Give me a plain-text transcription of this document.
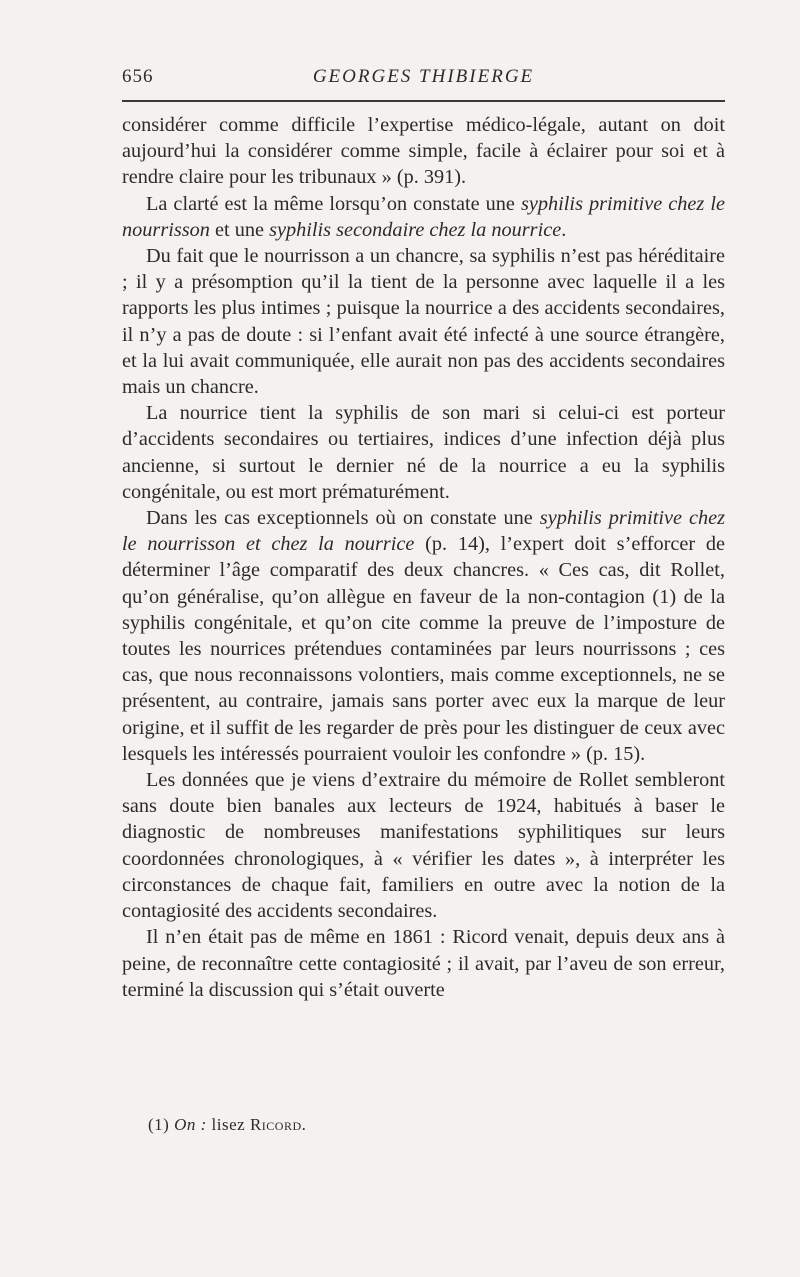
656	GEORGES THIBIERGE

considérer comme difficile l’expertise médico-légale, autant on doit aujourd’hui la considérer comme simple, facile à éclairer pour soi et à rendre claire pour les tribunaux » (p. 391).

La clarté est la même lorsqu’on constate une syphilis primitive chez le nourrisson et une syphilis secondaire chez la nourrice.

Du fait que le nourrisson a un chancre, sa syphilis n’est pas héréditaire ; il y a présomption qu’il la tient de la personne avec laquelle il a les rapports les plus intimes ; puisque la nourrice a des accidents secondaires, il n’y a pas de doute : si l’enfant avait été infecté à une source étrangère, et la lui avait communiquée, elle aurait non pas des accidents secondaires mais un chancre.

La nourrice tient la syphilis de son mari si celui-ci est porteur d’accidents secondaires ou tertiaires, indices d’une infection déjà plus ancienne, si surtout le dernier né de la nourrice a eu la syphilis congénitale, ou est mort prématurément.

Dans les cas exceptionnels où on constate une syphilis primitive chez le nourrisson et chez la nourrice (p. 14), l’expert doit s’efforcer de déterminer l’âge comparatif des deux chancres. « Ces cas, dit Rollet, qu’on généralise, qu’on allègue en faveur de la non-contagion (1) de la syphilis congénitale, et qu’on cite comme la preuve de l’imposture de toutes les nourrices prétendues contaminées par leurs nourrissons ; ces cas, que nous reconnaissons volontiers, mais comme exceptionnels, ne se présentent, au contraire, jamais sans porter avec eux la marque de leur origine, et il suffit de les regarder de près pour les distinguer de ceux avec lesquels les intéressés pourraient vouloir les confondre » (p. 15).

Les données que je viens d’extraire du mémoire de Rollet sembleront sans doute bien banales aux lecteurs de 1924, habitués à baser le diagnostic de nombreuses manifestations syphilitiques sur leurs coordonnées chronologiques, à « vérifier les dates », à interpréter les circonstances de chaque fait, familiers en outre avec la notion de la contagiosité des accidents secondaires.

Il n’en était pas de même en 1861 : Ricord venait, depuis deux ans à peine, de reconnaître cette contagiosité ; il avait, par l’aveu de son erreur, terminé la discussion qui s’était ouverte

(1) On : lisez Ricord.
